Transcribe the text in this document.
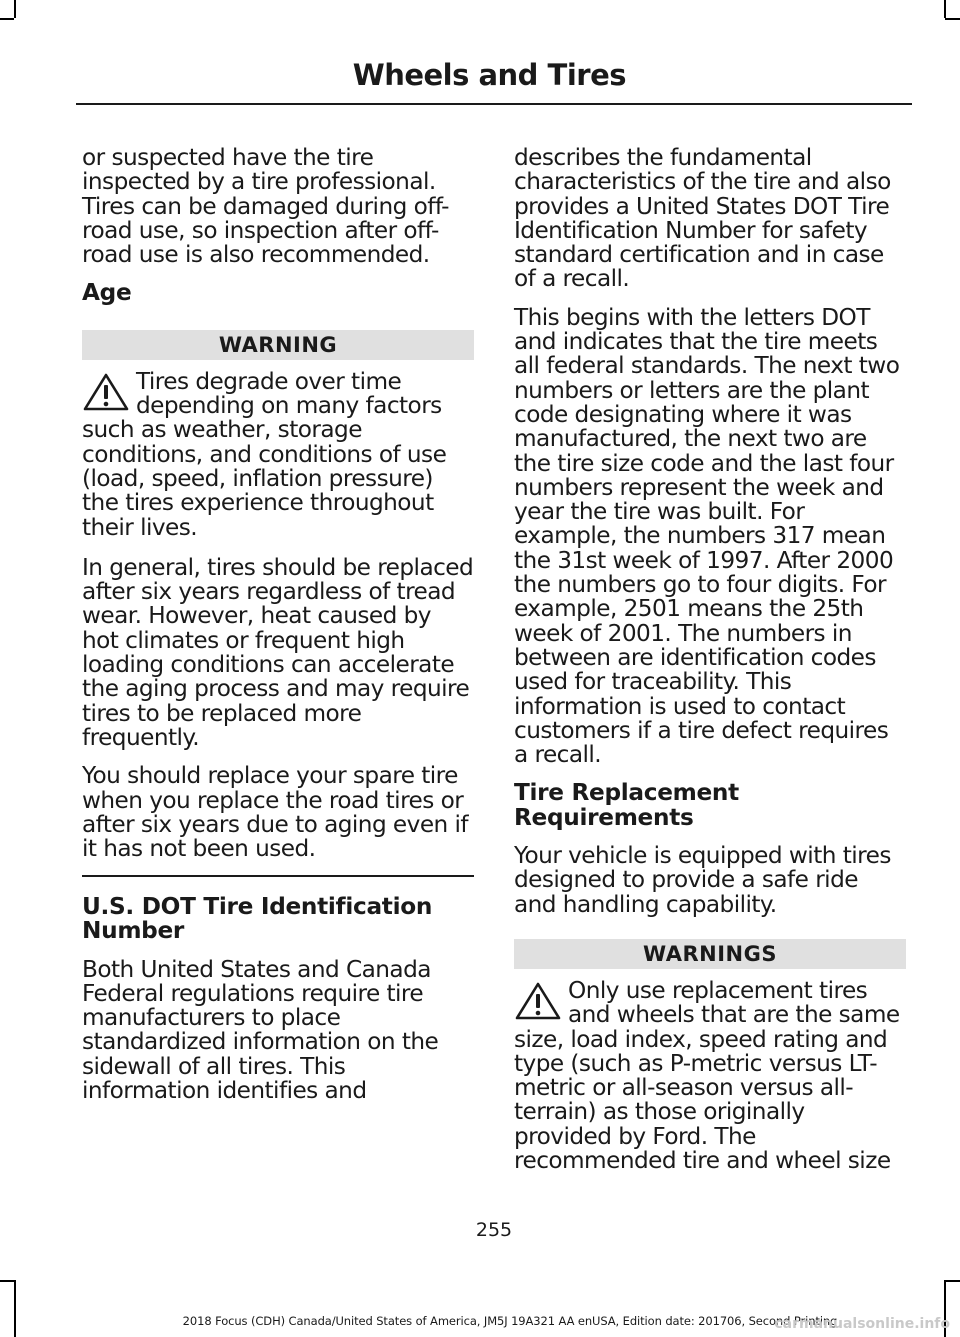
Wheels and Tires

or suspected have the tire inspected by a tire professional. Tires can be damaged during off-road use, so inspection after off-road use is also recommended.

Age
WARNING
Tires degrade over time depending on many factors such as weather, storage conditions, and conditions of use (load, speed, inflation pressure) the tires experience throughout their lives.

In general, tires should be replaced after six years regardless of tread wear. However, heat caused by hot climates or frequent high loading conditions can accelerate the aging process and may require tires to be replaced more frequently.

You should replace your spare tire when you replace the road tires or after six years due to aging even if it has not been used.

U.S. DOT Tire Identification Number

Both United States and Canada Federal regulations require tire manufacturers to place standardized information on the sidewall of all tires. This information identifies and

describes the fundamental characteristics of the tire and also provides a United States DOT Tire Identification Number for safety standard certification and in case of a recall.

This begins with the letters DOT and indicates that the tire meets all federal standards. The next two numbers or letters are the plant code designating where it was manufactured, the next two are the tire size code and the last four numbers represent the week and year the tire was built. For example, the numbers 317 mean the 31st week of 1997. After 2000 the numbers go to four digits. For example, 2501 means the 25th week of 2001. The numbers in between are identification codes used for traceability. This information is used to contact customers if a tire defect requires a recall.

Tire Replacement Requirements

Your vehicle is equipped with tires designed to provide a safe ride and handling capability.

WARNINGS
Only use replacement tires and wheels that are the same size, load index, speed rating and type (such as P-metric versus LT-metric or all-season versus all-terrain) as those originally provided by Ford. The recommended tire and wheel size
255
2018 Focus (CDH) Canada/United States of America, JM5J 19A321 AA enUSA, Edition date: 201706, Second Printing
carmanualsonline.info
